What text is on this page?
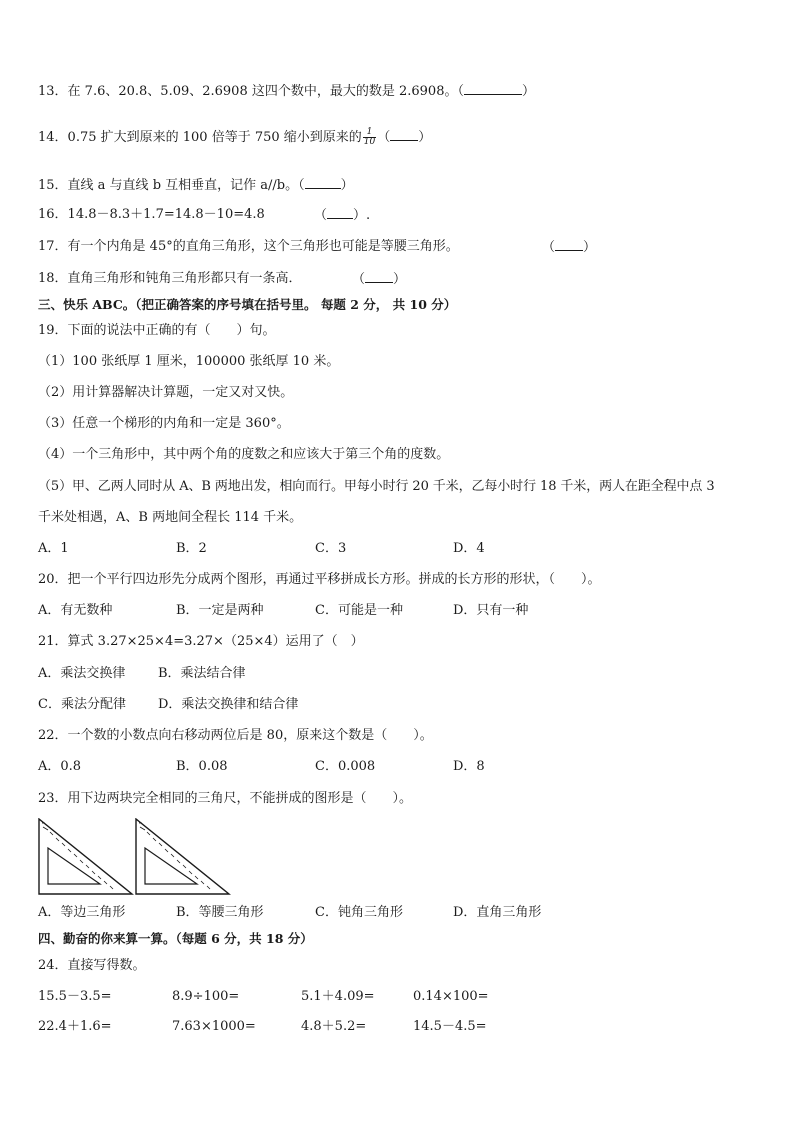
13．在 7.6、20.8、5.09、2.6908 这四个数中，最大的数是 2.6908。（	）
14．0.75 扩大到原来的 100 倍等于 750 缩小到原来的 $\frac{1}{10}$ （ ）
15．直线 a 与直线 b 互相垂直，记作 a//b。（	）
16．14.8－8.3＋1.7=14.8－10=4.8	（ ）.
17．有一个内角是 45°的直角三角形，这个三角形也可能是等腰三角形。	（ ）
18．直角三角形和钝角三角形都只有一条高．	（ ）
三、快乐 ABC。（把正确答案的序号填在括号里。 每题 2 分， 共 10 分）
19．下面的说法中正确的有（　　）句。
（1）100 张纸厚 1 厘米，100000 张纸厚 10 米。
（2）用计算器解决计算题，一定又对又快。
（3）任意一个梯形的内角和一定是 360°。
（4）一个三角形中，其中两个角的度数之和应该大于第三个角的度数。
（5）甲、乙两人同时从 A、B 两地出发，相向而行。甲每小时行 20 千米，乙每小时行 18 千米，两人在距全程中点 3
千米处相遇，A、B 两地间全程长 114 千米。
A．1	B．2	C．3	D．4
20．把一个平行四边形先分成两个图形，再通过平移拼成长方形。拼成的长方形的形状，（　　）。
A．有无数种	B．一定是两种	C．可能是一种	D．只有一种
21．算式 3.27×25×4=3.27×（25×4）运用了（　）
A．乘法交换律	B．乘法结合律
C．乘法分配律 D．乘法交换律和结合律
22．一个数的小数点向右移动两位后是 80，原来这个数是（　　）。
A．0.8	B．0.08	C．0.008	D．8
23．用下边两块完全相同的三角尺，不能拼成的图形是（　　）。
A．等边三角形	B．等腰三角形	C．钝角三角形	D．直角三角形
四、勤奋的你来算一算。（每题 6 分，共 18 分）
24．直接写得数。
15.5－3.5=	8.9÷100=	5.1＋4.09=	0.14×100=
22.4＋1.6=	7.63×1000=	4.8＋5.2=	14.5－4.5=
